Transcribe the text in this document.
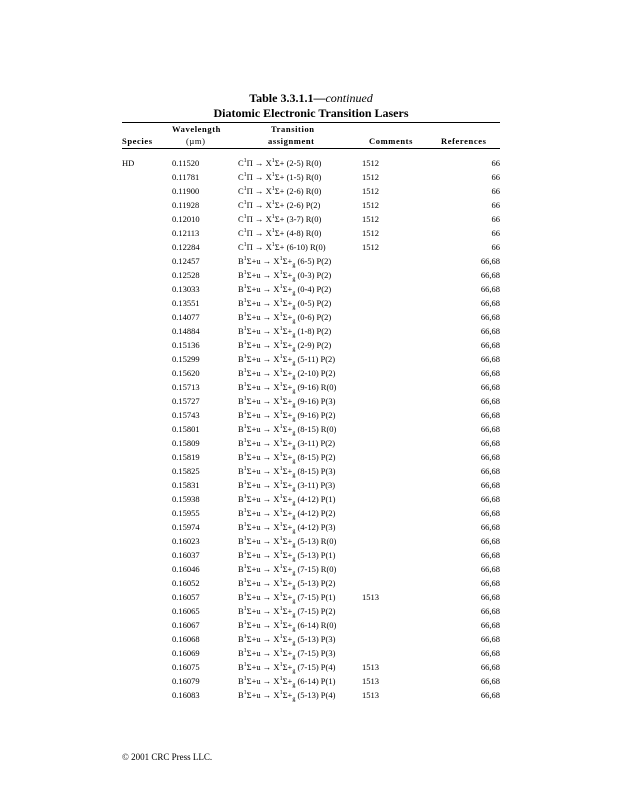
Table 3.3.1.1—continued
Diatomic Electronic Transition Lasers
Wavelength	Transition
Species	(µm)	assignment	Comments	References
HD	0.11520	$C^1\Pi \to X^1\Sigma+ (2-5)$ R(0)	1512	66
0.11781	$C^1\Pi \to X^1\Sigma+ (1-5)$ R(0)	1512	66
0.11900	$C^1\Pi \to X^1\Sigma+ (2-6)$ R(0)	1512	66
0.11928	$C^1\Pi \to X^1\Sigma+ (2-6)$ P(2)	1512	66
0.12010	$C^1\Pi \to X^1\Sigma+ (3-7)$ R(0)	1512	66
0.12113	$C^1\Pi \to X^1\Sigma+ (4-8)$ R(0)	1512	66
0.12284	$C^1\Pi \to X^1\Sigma+ (6-10)$ R(0)	1512	66
0.12457	$B^1\Sigma+u \to X^1\Sigma+_g$ (6-5) P(2)	66,68
0.12528	$B^1\Sigma+u \to X^1\Sigma+_g$ (0-3) P(2)	66,68
0.13033	$B^1\Sigma+u \to X^1\Sigma+_g$ (0-4) P(2)	66,68
0.13551	$B^1\Sigma+u \to X^1\Sigma+_g$ (0-5) P(2)	66,68
0.14077	$B^1\Sigma+u \to X^1\Sigma+_g$ (0-6) P(2)	66,68
0.14884	$B^1\Sigma+u \to X^1\Sigma+_g$ (1-8) P(2)	66,68
0.15136	$B^1\Sigma+u \to X^1\Sigma+_g$ (2-9) P(2)	66,68
0.15299	$B^1\Sigma+u \to X^1\Sigma+_g$ (5-11) P(2)	66,68
0.15620	$B^1\Sigma+u \to X^1\Sigma+_g$ (2-10) P(2)	66,68
0.15713	$B^1\Sigma+u \to X^1\Sigma+_g$ (9-16) R(0)	66,68
0.15727	$B^1\Sigma+u \to X^1\Sigma+_g$ (9-16) P(3)	66,68
0.15743	$B^1\Sigma+u \to X^1\Sigma+_g$ (9-16) P(2)	66,68
0.15801	$B^1\Sigma+u \to X^1\Sigma+_g$ (8-15) R(0)	66,68
0.15809	$B^1\Sigma+u \to X^1\Sigma+_g$ (3-11) P(2)	66,68
0.15819	$B^1\Sigma+u \to X^1\Sigma+_g$ (8-15) P(2)	66,68
0.15825	$B^1\Sigma+u \to X^1\Sigma+_g$ (8-15) P(3)	66,68
0.15831	$B^1\Sigma+u \to X^1\Sigma+_g$ (3-11) P(3)	66,68
0.15938	$B^1\Sigma+u \to X^1\Sigma+_g$ (4-12) P(1)	66,68
0.15955	$B^1\Sigma+u \to X^1\Sigma+_g$ (4-12) P(2)	66,68
0.15974	$B^1\Sigma+u \to X^1\Sigma+_g$ (4-12) P(3)	66,68
0.16023	$B^1\Sigma+u \to X^1\Sigma+_g$ (5-13) R(0)	66,68
0.16037	$B^1\Sigma+u \to X^1\Sigma+_g$ (5-13) P(1)	66,68
0.16046	$B^1\Sigma+u \to X^1\Sigma+_g$ (7-15) R(0)	66,68
0.16052	$B^1\Sigma+u \to X^1\Sigma+_g$ (5-13) P(2)	66,68
0.16057	$B^1\Sigma+u \to X^1\Sigma+_g$ (7-15) P(1)	1513	66,68
0.16065	$B^1\Sigma+u \to X^1\Sigma+_g$ (7-15) P(2)	66,68
0.16067	$B^1\Sigma+u \to X^1\Sigma+_g$ (6-14) R(0)	66,68
0.16068	$B^1\Sigma+u \to X^1\Sigma+_g$ (5-13) P(3)	66,68
0.16069	$B^1\Sigma+u \to X^1\Sigma+_g$ (7-15) P(3)	66,68
0.16075	$B^1\Sigma+u \to X^1\Sigma+_g$ (7-15) P(4)	1513	66,68
0.16079	$B^1\Sigma+u \to X^1\Sigma+_g$ (6-14) P(1)	1513	66,68
0.16083	$B^1\Sigma+u \to X^1\Sigma+_g$ (5-13) P(4)	1513	66,68
© 2001 CRC Press LLC.
